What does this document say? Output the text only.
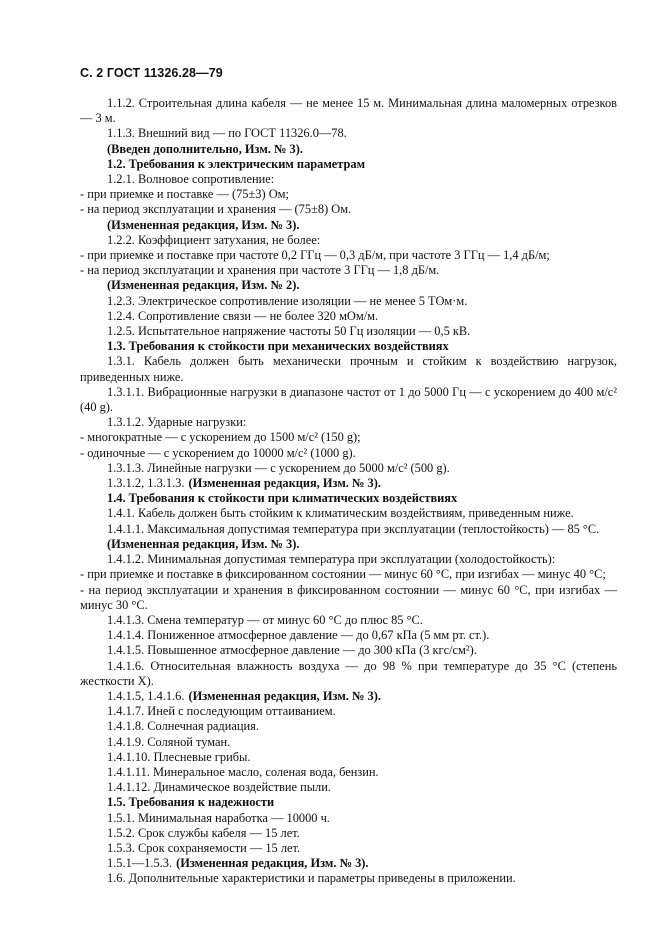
С. 2 ГОСТ 11326.28—79

1.1.2. Строительная длина кабеля — не менее 15 м. Минимальная длина маломерных отрезков — 3 м.

1.1.3. Внешний вид — по ГОСТ 11326.0—78.

(Введен дополнительно, Изм. № 3).

1.2. Требования к электрическим параметрам

1.2.1. Волновое сопротивление:

- при приемке и поставке — (75±3) Ом;

- на период эксплуатации и хранения — (75±8) Ом.

(Измененная редакция, Изм. № 3).

1.2.2. Коэффициент затухания, не более:

- при приемке и поставке при частоте 0,2 ГГц — 0,3 дБ/м, при частоте 3 ГГц — 1,4 дБ/м;

- на период эксплуатации и хранения при частоте 3 ГГц — 1,8 дБ/м.

(Измененная редакция, Изм. № 2).

1.2.3. Электрическое сопротивление изоляции — не менее 5 ТОм·м.

1.2.4. Сопротивление связи — не более 320 мОм/м.

1.2.5. Испытательное напряжение частоты 50 Гц изоляции — 0,5 кВ.

1.3. Требования к стойкости при механических воздействиях

1.3.1. Кабель должен быть механически прочным и стойким к воздействию нагрузок, приведенных ниже.

1.3.1.1. Вибрационные нагрузки в диапазоне частот от 1 до 5000 Гц — с ускорением до 400 м/с² (40 g).

1.3.1.2. Ударные нагрузки:

- многократные — с ускорением до 1500 м/с² (150 g);

- одиночные — с ускорением до 10000 м/с² (1000 g).

1.3.1.3. Линейные нагрузки — с ускорением до 5000 м/с² (500 g).

1.3.1.2, 1.3.1.3. (Измененная редакция, Изм. № 3).

1.4. Требования к стойкости при климатических воздействиях

1.4.1. Кабель должен быть стойким к климатическим воздействиям, приведенным ниже.

1.4.1.1. Максимальная допустимая температура при эксплуатации (теплостойкость) — 85 °С.

(Измененная редакция, Изм. № 3).

1.4.1.2. Минимальная допустимая температура при эксплуатации (холодостойкость):

- при приемке и поставке в фиксированном состоянии — минус 60 °С, при изгибах — минус 40 °С;

- на период эксплуатации и хранения в фиксированном состоянии — минус 60 °С, при изгибах — минус 30 °С.

1.4.1.3. Смена температур — от минус 60 °С до плюс 85 °С.

1.4.1.4. Пониженное атмосферное давление — до 0,67 кПа (5 мм рт. ст.).

1.4.1.5. Повышенное атмосферное давление — до 300 кПа (3 кгс/см²).

1.4.1.6. Относительная влажность воздуха — до 98 % при температуре до 35 °С (степень жесткости X).

1.4.1.5, 1.4.1.6. (Измененная редакция, Изм. № 3).

1.4.1.7. Иней с последующим оттаиванием.

1.4.1.8. Солнечная радиация.

1.4.1.9. Соляной туман.

1.4.1.10. Плесневые грибы.

1.4.1.11. Минеральное масло, соленая вода, бензин.

1.4.1.12. Динамическое воздействие пыли.

1.5. Требования к надежности

1.5.1. Минимальная наработка — 10000 ч.

1.5.2. Срок службы кабеля — 15 лет.

1.5.3. Срок сохраняемости — 15 лет.

1.5.1—1.5.3. (Измененная редакция, Изм. № 3).

1.6. Дополнительные характеристики и параметры приведены в приложении.
